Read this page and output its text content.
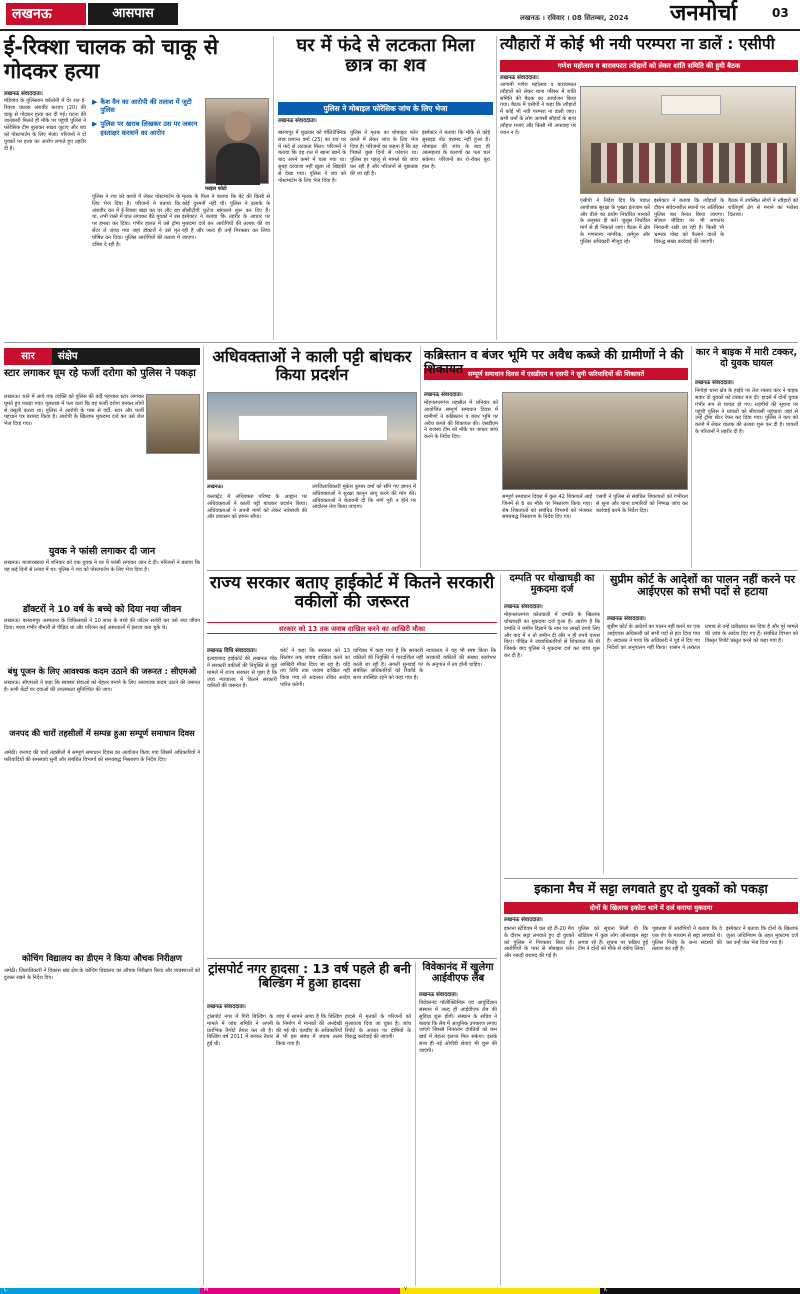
लखनऊ	आसपास	लखनऊ । रविवार । 08 सितम्बर, 2024	जनमोर्चा	03
ई-रिक्शा चालक को चाकू से गोदकर हत्या
लखनऊ संवाददाता।
मड़ियांव के गुलिस्तान कॉलोनी में देर रात ई-रिक्शा चालक अंशवीर कश्यप (20) की चाकू से गोदकर हत्या कर दी गई। घटना की जानकारी मिलते ही मौके पर पहुंची पुलिस ने फोरेंसिक टीम बुलाकर साक्ष्य जुटाए और शव को पोस्टमार्टम के लिए भेजा। परिजनों ने दो युवकों पर हत्या का आरोप लगाते हुए तहरीर दी है।
▶ कैश वैन का आरोपी की तलाश में जुटी पुलिस
▶ पुलिस पर खराब लिखकर उस पर जबरन हस्ताक्षर करवाने का आरोप
फाइल फोटो
पुलिस ने शव को कब्जे में लेकर पोस्टमार्टम के लिए भेज दिया है। परिजनों ने बताया कि अंशवीर रात में ई-रिक्शा खड़ा कर घर लौट रहा था, तभी रास्ते में घात लगाकर बैठे युवकों ने उस पर हमला कर दिया। गंभीर हालत में उसे ट्रॉमा सेंटर ले जाया गया जहां डॉक्टरों ने उसे मृत घोषित कर दिया। पुलिस आरोपियों की तलाश में दबिश दे रही है।
मृतक के पिता ने बताया कि बेटे की किसी से कोई दुश्मनी नहीं थी। पुलिस ने इलाके के सीसीटीवी फुटेज खंगालने शुरू कर दिए हैं। इंस्पेक्टर ने बताया कि तहरीर के आधार पर मुकदमा दर्ज कर आरोपियों की तलाश की जा रही है और जल्द ही उन्हें गिरफ्तार कर लिया जाएगा।
घर में फंदे से लटकता मिला छात्र का शव
पुलिस ने मोबाइल फोरेंसिक जांच के लिए भेजा
लखनऊ संवाददाता।
खरगापुर में शुक्रवार को पॉलिटेक्निक छात्र प्रशान्त वर्मा (25) का शव घर में फंदे से लटकता मिला। परिजनों ने बताया कि वह रात में खाना खाने के बाद अपने कमरे में चला गया था। सुबह दरवाजा नहीं खुला तो खिड़की से देखा गया। पुलिस ने शव को पोस्टमार्टम के लिए भेज दिया है।
पुलिस ने मृतक का मोबाइल फोन कब्जे में लेकर जांच के लिए भेज दिया है। परिजनों का कहना है कि वह पिछले कुछ दिनों से परेशान था। पुलिस हर पहलू से मामले की जांच कर रही है और परिजनों से पूछताछ की जा रही है।
इंस्पेक्टर ने बताया कि मौके से कोई सुसाइड नोट बरामद नहीं हुआ है। मोबाइल की जांच के बाद ही आत्महत्या के कारणों का पता चल सकेगा। परिजनों का रो-रोकर बुरा हाल है।
त्यौहारों में कोई भी नयी परम्परा ना डालें : एसीपी
गणेश महोत्सव व बारावफात त्यौहारों को लेकर शांति समिति की हुयी बैठक
लखनऊ संवाददाता।
आगामी गणेश महोत्सव व बारावफात त्यौहारों को लेकर थाना परिसर में शांति समिति की बैठक का आयोजन किया गया। बैठक में एसीपी ने कहा कि त्यौहारों में कोई भी नयी परम्परा ना डाली जाए। सभी धर्मों के लोग आपसी सौहार्द के साथ त्यौहार मनाएं और किसी भी अफवाह पर ध्यान न दें।
एसीपी ने निर्देश दिए कि पंडाल आयोजक सुरक्षा के पुख्ता इंतजाम करें और डीजे का प्रयोग निर्धारित मानकों के अनुसार ही करें। जुलूस निर्धारित मार्ग से ही निकाले जाएं। बैठक में क्षेत्र के गणमान्य नागरिक, धर्मगुरु और पुलिस अधिकारी मौजूद रहे।
इंस्पेक्टर ने बताया कि त्यौहारों के दौरान संवेदनशील स्थानों पर अतिरिक्त पुलिस बल तैनात किया जाएगा। सोशल मीडिया पर भी लगातार निगरानी रखी जा रही है। किसी भी भ्रामक पोस्ट को फैलाने वालों के विरुद्ध सख्त कार्रवाई की जाएगी।
बैठक में उपस्थित लोगों ने त्यौहारों को शांतिपूर्ण ढंग से मनाने का भरोसा दिलाया।
सार संक्षेप
स्टार लगाकर घूम रहे फर्जी दरोगा को पुलिस ने पकड़ा
लखनऊ। थाने में आये एक व्यक्ति को पुलिस की वर्दी पहनकर स्टार लगाकर घूमते हुए पकड़ा गया। पूछताछ में पता चला कि वह फर्जी दरोगा बनकर लोगों से वसूली करता था। पुलिस ने आरोपी के पास से वर्दी, स्टार और फर्जी पहचान पत्र बरामद किया है। आरोपी के खिलाफ मुकदमा दर्ज कर उसे जेल भेज दिया गया।
युवक ने फांसी लगाकर दी जान
लखनऊ। बाजारखाला में शनिवार को एक युवक ने घर में फांसी लगाकर जान दे दी। परिजनों ने बताया कि वह कई दिनों से तनाव में था। पुलिस ने शव को पोस्टमार्टम के लिए भेज दिया है।
डॉक्टरों ने 10 वर्ष के बच्चे को दिया नया जीवन
लखनऊ। बलरामपुर अस्पताल के चिकित्सकों ने 10 साल के बच्चे की जटिल सर्जरी कर उसे नया जीवन दिया। बच्चा गंभीर बीमारी से पीड़ित था और परिजन कई अस्पतालों में इलाज करा चुके थे।
बंधु पूजन के लिए आवश्यक कदम उठाने की जरूरत : सीएमओ
लखनऊ। सीएमओ ने कहा कि स्वास्थ्य सेवाओं को बेहतर बनाने के लिए आवश्यक कदम उठाने की जरूरत है। सभी केंद्रों पर दवाओं की उपलब्धता सुनिश्चित की जाए।
जनपद की चारों तहसीलों में सम्पन्न हुआ सम्पूर्ण समाधान दिवस
अमेठी। जनपद की चारों तहसीलों में सम्पूर्ण समाधान दिवस का आयोजन किया गया जिसमें अधिकारियों ने फरियादियों की समस्याएं सुनीं और संबंधित विभागों को समयबद्ध निस्तारण के निर्देश दिए।
कोचिंग विद्यालय का डीएम ने किया औचक निरीक्षण
अमेठी। जिलाधिकारी ने विकास खंड क्षेत्र के कोचिंग विद्यालय का औचक निरीक्षण किया और व्यवस्थाओं को दुरुस्त रखने के निर्देश दिए।
अधिवक्ताओं ने काली पट्टी बांधकर किया प्रदर्शन
लखनऊ।
कलक्ट्रेट में अधिवक्ता परिषद के आह्वान पर अधिवक्ताओं ने काली पट्टी बांधकर प्रदर्शन किया। अधिवक्ताओं ने अपनी मांगों को लेकर नारेबाजी की और प्रशासन को ज्ञापन सौंपा।
उपजिलाधिकारी मुकेश कुमार वर्मा को सौंपे गए ज्ञापन में अधिवक्ताओं ने सुरक्षा कानून लागू करने की मांग की। अधिवक्ताओं ने चेतावनी दी कि मांगे पूरी न होने पर आंदोलन तेज किया जाएगा।
कब्रिस्तान व बंजर भूमि पर अवैध कब्जे की ग्रामीणों ने की शिकायत सम्पूर्ण समाधान दिवस में एसडीएम व एसपी ने सुनी फरियादियों की शिकायतें
लखनऊ संवाददाता।
मोहनलालगंज तहसील में शनिवार को आयोजित सम्पूर्ण समाधान दिवस में ग्रामीणों ने कब्रिस्तान व बंजर भूमि पर अवैध कब्जे की शिकायत की। एसडीएम ने राजस्व टीम को मौके पर जाकर जांच करने के निर्देश दिए।
सम्पूर्ण समाधान दिवस में कुल 42 शिकायतें आईं जिनमें से 6 का मौके पर निस्तारण किया गया। शेष शिकायतों को संबंधित विभागों को भेजकर समयबद्ध निस्तारण के निर्देश दिए गए।
एसपी ने पुलिस से संबंधित शिकायतों को गंभीरता से सुना और थाना प्रभारियों को निष्पक्ष जांच कर कार्रवाई करने के निर्देश दिए।
कार ने बाइक में मारी टक्कर, दो युवक घायल
लखनऊ संवाददाता।
निगोहां थाना क्षेत्र के हाईवे पर तेज रफ्तार कार ने बाइक सवार दो युवकों को टक्कर मार दी। हादसे में दोनों युवक गंभीर रूप से घायल हो गए। राहगीरों की सूचना पर पहुंची पुलिस ने घायलों को सीएचसी पहुंचाया जहां से उन्हें ट्रॉमा सेंटर रेफर कर दिया गया। पुलिस ने कार को कब्जे में लेकर चालक की तलाश शुरू कर दी है। घायलों के परिजनों ने तहरीर दी है।
राज्य सरकार बताए हाईकोर्ट में कितने सरकारी वकीलों की जरूरत
सरकार को 13 तक जवाब दाखिल करने का आखिरी मौका
लखनऊ विधि संवाददाता।
इलाहाबाद हाईकोर्ट की लखनऊ पीठ ने सरकारी वकीलों की नियुक्ति से जुड़े मामले में राज्य सरकार से पूछा है कि उच्च न्यायालय में कितने सरकारी वकीलों की जरूरत है।
कोर्ट ने कहा कि सरकार को 13 सितंबर तक जवाब दाखिल करने का आखिरी मौका दिया जा रहा है। यदि तय तिथि तक जवाब दाखिल नहीं किया गया तो अदालत उचित आदेश पारित करेगी।
याचिका में कहा गया है कि सरकारी वकीलों की नियुक्ति में पारदर्शिता नहीं बरती जा रही है। अगली सुनवाई पर संबंधित अधिकारियों को रिकॉर्ड के साथ उपस्थित रहने को कहा गया है।
न्यायालय ने यह भी स्पष्ट किया कि सरकारी वकीलों की संख्या कार्यभार के अनुपात में तय होनी चाहिए।
ट्रांसपोर्ट नगर हादसा : 13 वर्ष पहले ही बनी बिल्डिंग में हुआ हादसा
लखनऊ संवाददाता।
ट्रांसपोर्ट नगर में गिरी बिल्डिंग के मामले में जांच समिति ने अपनी प्रारंभिक रिपोर्ट तैयार कर ली है। बिल्डिंग वर्ष 2011 में बनकर तैयार हुई थी।
जांच में सामने आया है कि बिल्डिंग के निर्माण में मानकों की अनदेखी की गई थी। एलडीए के अधिकारियों से भी इस संबंध में जवाब तलब किया गया है।
हादसे में मृतकों के परिजनों को मुआवजा दिया जा चुका है। जांच रिपोर्ट के आधार पर दोषियों के विरुद्ध कार्रवाई की जाएगी।
विवेकानंद में खुलेगा आईवीएफ लैब
लखनऊ संवाददाता।
विवेकानंद पॉलीक्लिनिक एवं आयुर्विज्ञान संस्थान में जल्द ही आईवीएफ लैब की सुविधा शुरू होगी। संस्थान के सचिव ने बताया कि लैब में आधुनिक उपकरण लगाए जाएंगे जिससे निःसंतान दंपतियों को कम खर्च में बेहतर इलाज मिल सकेगा। इसके साथ ही नई ओपीडी सेवाएं भी शुरू की जाएंगी।
दम्पति पर धोखाधड़ी का मुकदमा दर्ज
लखनऊ संवाददाता।
मोहनलालगंज कोतवाली में दम्पति के खिलाफ धोखाधड़ी का मुकदमा दर्ज हुआ है। आरोप है कि दम्पति ने जमीन दिलाने के नाम पर लाखों रुपये लिए और बाद में न तो जमीन दी और न ही रुपये वापस किए। पीड़ित ने उच्चाधिकारियों से शिकायत की थी जिसके बाद पुलिस ने मुकदमा दर्ज कर जांच शुरू कर दी है।
सुप्रीम कोर्ट के आदेशों का पालन नहीं करने पर आईएएस को सभी पदों से हटाया
लखनऊ संवाददाता।
सुप्रीम कोर्ट के आदेशों का पालन नहीं करने पर एक आईएएस अधिकारी को सभी पदों से हटा दिया गया है। अदालत ने पाया कि अधिकारी ने पूर्व में दिए गए निर्देशों का अनुपालन नहीं किया। शासन ने तत्काल प्रभाव से उन्हें प्रतीक्षारत कर दिया है और पूरे मामले की जांच के आदेश दिए गए हैं। संबंधित विभाग को विस्तृत रिपोर्ट प्रस्तुत करने को कहा गया है।
इकाना मैच में सट्टा लगवाते हुए दो युवकों को पकड़ा
दोनों के खिलाफ इकोटा थाने में दर्ज कराया मुकदमा
लखनऊ संवाददाता।
इकाना स्टेडियम में चल रहे टी-20 मैच के दौरान सट्टा लगवाते हुए दो युवकों को पुलिस ने गिरफ्तार किया है। आरोपियों के पास से मोबाइल फोन और नकदी बरामद की गई है।
पुलिस को सूचना मिली थी कि स्टेडियम में कुछ लोग ऑनलाइन सट्टा लगवा रहे हैं। सूचना पर सक्रिय हुई टीम ने दोनों को मौके से दबोच लिया।
पूछताछ में आरोपियों ने बताया कि वे एक ऐप के माध्यम से सट्टा लगवाते थे। पुलिस गिरोह के अन्य सदस्यों की तलाश कर रही है।
इंस्पेक्टर ने बताया कि दोनों के खिलाफ जुआ अधिनियम के तहत मुकदमा दर्ज कर उन्हें जेल भेज दिया गया है।
C	M	Y	K
